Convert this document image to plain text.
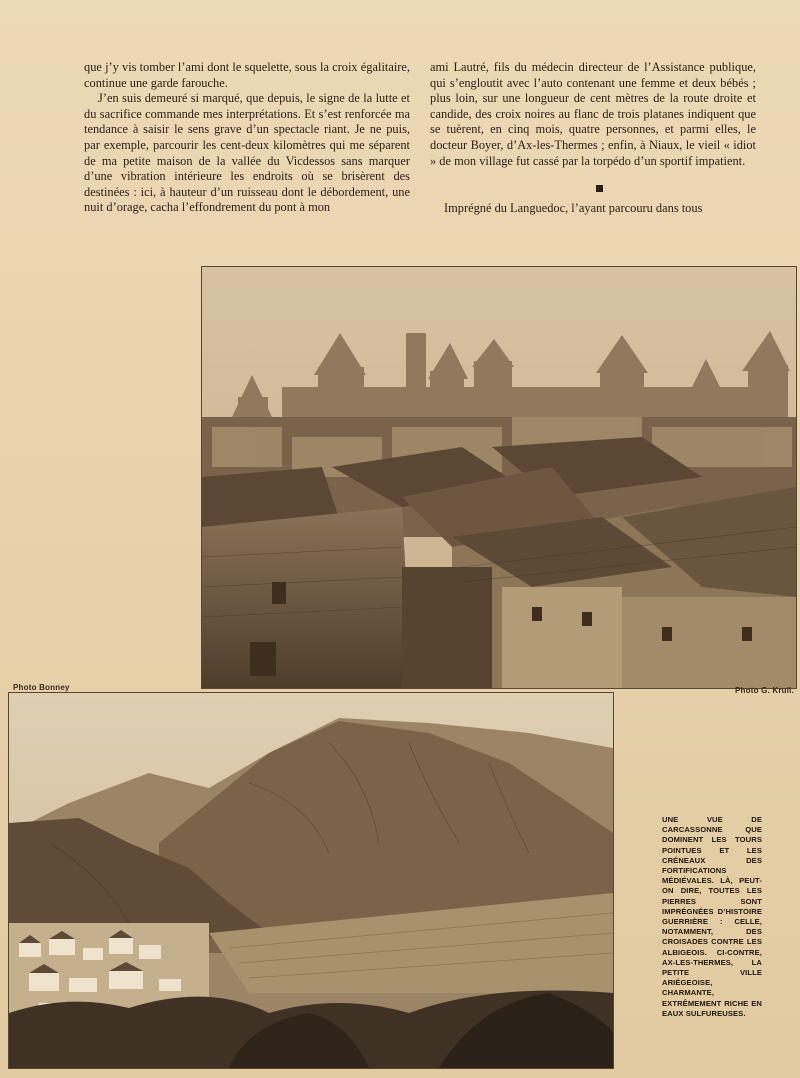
que j’y vis tomber l’ami dont le squelette, sous la croix égalitaire, continue une garde farouche.

J’en suis demeuré si marqué, que depuis, le signe de la lutte et du sacrifice commande mes interprétations. Et s’est renforcée ma tendance à saisir le sens grave d’un spectacle riant. Je ne puis, par exemple, parcourir les cent-deux kilomètres qui me séparent de ma petite maison de la vallée du Vicdessos sans marquer d’une vibration intérieure les endroits où se brisèrent des destinées : ici, à hauteur d’un ruisseau dont le débordement, une nuit d’orage, cacha l’effondrement du pont à mon

ami Lautré, fils du médecin directeur de l’Assistance publique, qui s’engloutit avec l’auto contenant une femme et deux bébés ; plus loin, sur une longueur de cent mètres de la route droite et candide, des croix noires au flanc de trois platanes indiquent que se tuèrent, en cinq mois, quatre personnes, et parmi elles, le docteur Boyer, d’Ax-les-Thermes ; enfin, à Niaux, le vieil « idiot » de mon village fut cassé par la torpédo d’un sportif impatient.

Imprégné du Languedoc, l’ayant parcouru dans tous

Photo Bonney	Photo G. Kruil.
UNE VUE DE CARCASSONNE QUE DOMINENT LES TOURS POINTUES ET LES CRÉNEAUX DES FORTIFICATIONS MÉDIÉVALES. LÀ, PEUT-ON DIRE, TOUTES LES PIERRES SONT IMPRÉGNÉES D’HISTOIRE GUERRIÈRE : CELLE, NOTAMMENT, DES CROISADES CONTRE LES ALBIGEOIS. CI-CONTRE, AX-LES-THERMES, LA PETITE VILLE ARIÉGEOISE, CHARMANTE, EXTRÊMEMENT RICHE EN EAUX SULFUREUSES.
